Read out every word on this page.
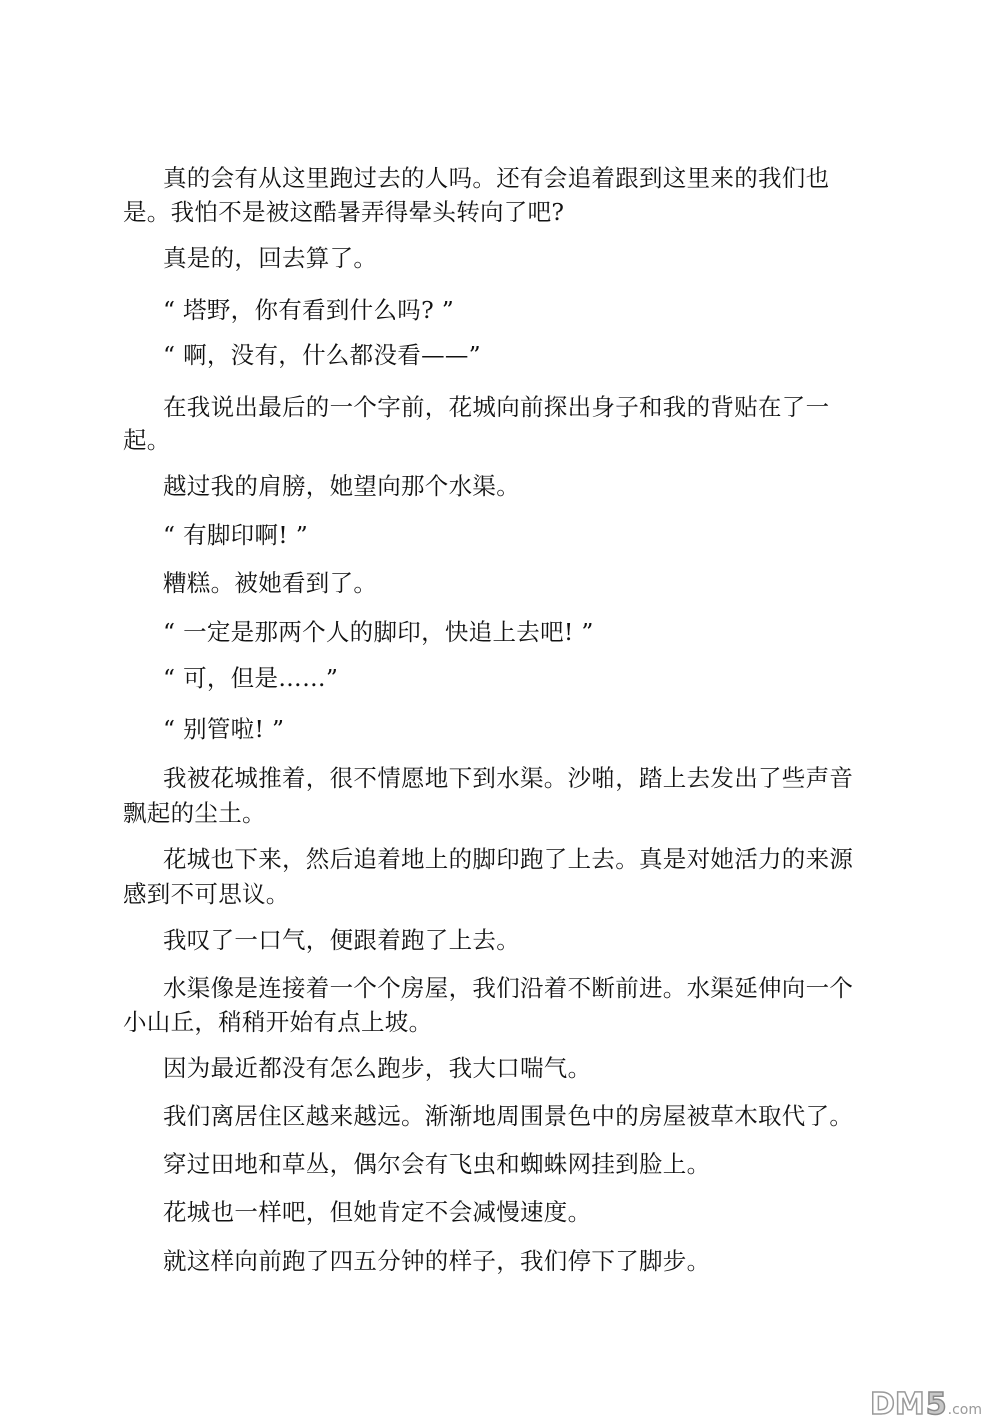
真的会有从这里跑过去的人吗。还有会追着跟到这里来的我们也
是。我怕不是被这酷暑弄得晕头转向了吧?
真是的，回去算了。
“ 塔野，你有看到什么吗? ”
“ 啊，没有，什么都没看——”
在我说出最后的一个字前，花城向前探出身子和我的背贴在了一
起。
越过我的肩膀，她望向那个水渠。
“ 有脚印啊! ”
糟糕。被她看到了。
“ 一定是那两个人的脚印，快追上去吧! ”
“ 可，但是……”
“ 别管啦! ”
我被花城推着，很不情愿地下到水渠。沙啪，踏上去发出了些声音
飘起的尘土。
花城也下来，然后追着地上的脚印跑了上去。真是对她活力的来源
感到不可思议。
我叹了一口气，便跟着跑了上去。
水渠像是连接着一个个房屋，我们沿着不断前进。水渠延伸向一个
小山丘，稍稍开始有点上坡。
因为最近都没有怎么跑步，我大口喘气。
我们离居住区越来越远。渐渐地周围景色中的房屋被草木取代了。
穿过田地和草丛，偶尔会有飞虫和蜘蛛网挂到脸上。
花城也一样吧，但她肯定不会减慢速度。
就这样向前跑了四五分钟的样子，我们停下了脚步。
DM 5 .com
